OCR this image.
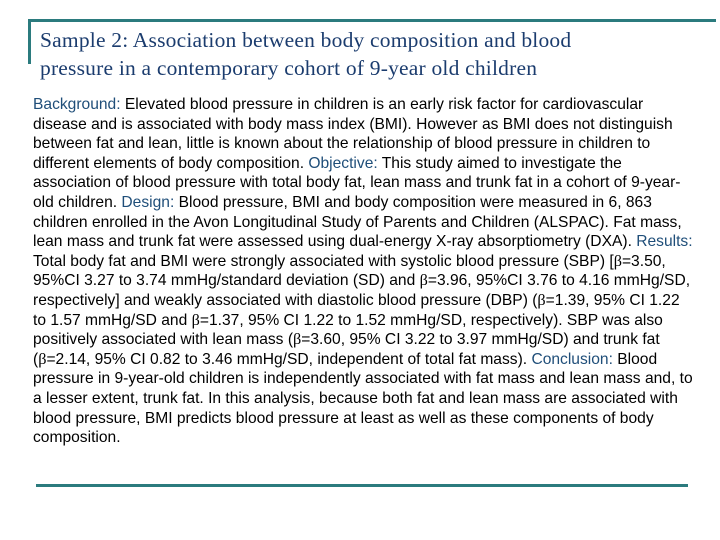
Sample 2: Association between body composition and blood
pressure in a contemporary cohort of 9-year old children

Background: Elevated blood pressure in children is an early risk factor for cardiovascular disease and is associated with body mass index (BMI). However as BMI does not distinguish between fat and lean, little is known about the relationship of blood pressure in children to different elements of body composition. Objective: This study aimed to investigate the association of blood pressure with total body fat, lean mass and trunk fat in a cohort of 9-year-old children. Design: Blood pressure, BMI and body composition were measured in 6, 863 children enrolled in the Avon Longitudinal Study of Parents and Children (ALSPAC). Fat mass, lean mass and trunk fat were assessed using dual-energy X-ray absorptiometry (DXA). Results: Total body fat and BMI were strongly associated with systolic blood pressure (SBP) [β=3.50, 95%CI 3.27 to 3.74 mmHg/standard deviation (SD) and β=3.96, 95%CI 3.76 to 4.16 mmHg/SD, respectively] and weakly associated with diastolic blood pressure (DBP) (β=1.39, 95% CI 1.22 to 1.57 mmHg/SD and β=1.37, 95% CI 1.22 to 1.52 mmHg/SD, respectively). SBP was also positively associated with lean mass (β=3.60, 95% CI 3.22 to 3.97 mmHg/SD) and trunk fat (β=2.14, 95% CI 0.82 to 3.46 mmHg/SD, independent of total fat mass). Conclusion: Blood pressure in 9-year-old children is independently associated with fat mass and lean mass and, to a lesser extent, trunk fat. In this analysis, because both fat and lean mass are associated with blood pressure, BMI predicts blood pressure at least as well as these components of body composition.
